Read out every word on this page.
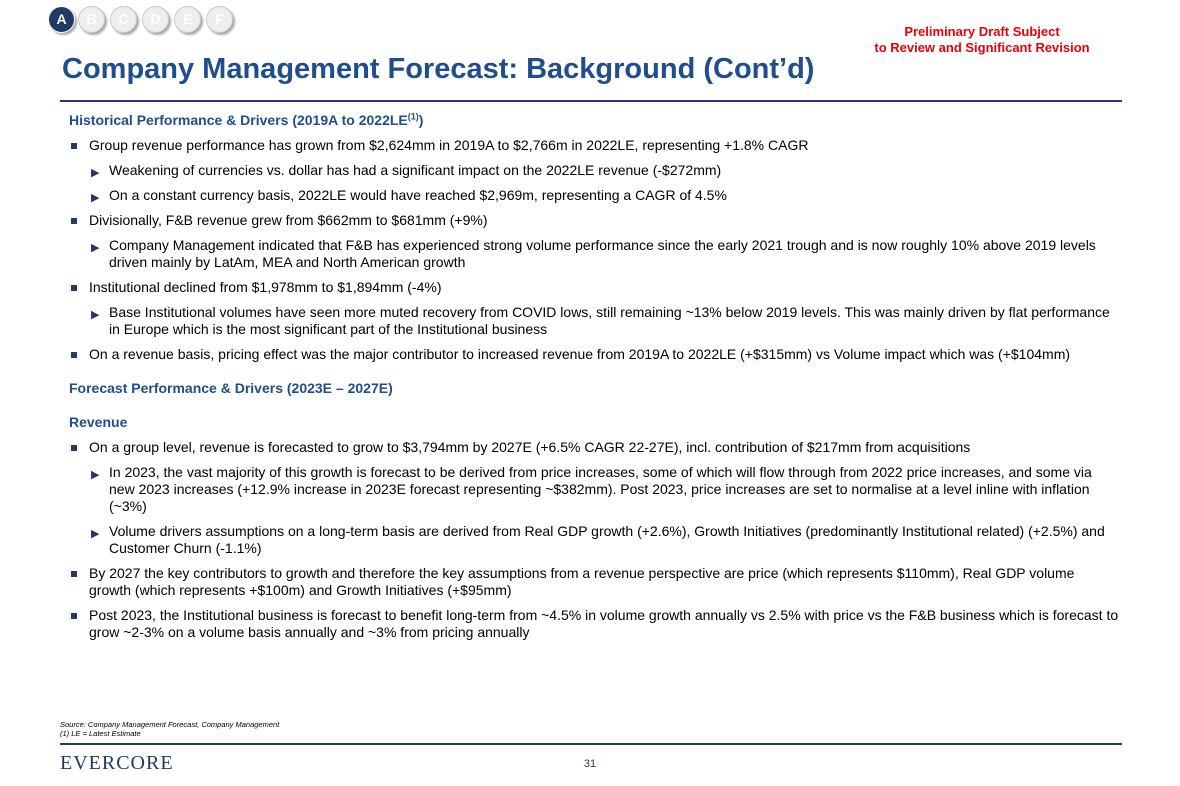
A	B	C	D	E	F
Preliminary Draft Subject
to Review and Significant Revision
Company Management Forecast: Background (Cont’d)
Historical Performance & Drivers (2019A to 2022LE$^{(1)}$)
Group revenue performance has grown from $2,624mm in 2019A to $2,766m in 2022LE, representing +1.8% CAGR
▶ Weakening of currencies vs. dollar has had a significant impact on the 2022LE revenue (-$272mm)
▶ On a constant currency basis, 2022LE would have reached $2,969m, representing a CAGR of 4.5%
Divisionally, F&B revenue grew from $662mm to $681mm (+9%)
▶ Company Management indicated that F&B has experienced strong volume performance since the early 2021 trough and is now roughly 10% above 2019 levels driven mainly by LatAm, MEA and North American growth
Institutional declined from $1,978mm to $1,894mm (-4%)
▶ Base Institutional volumes have seen more muted recovery from COVID lows, still remaining ~13% below 2019 levels. This was mainly driven by flat performance in Europe which is the most significant part of the Institutional business
On a revenue basis, pricing effect was the major contributor to increased revenue from 2019A to 2022LE (+$315mm) vs Volume impact which was (+$104mm)
Forecast Performance & Drivers (2023E – 2027E)
Revenue
On a group level, revenue is forecasted to grow to $3,794mm by 2027E (+6.5% CAGR 22-27E), incl. contribution of $217mm from acquisitions
▶ In 2023, the vast majority of this growth is forecast to be derived from price increases, some of which will flow through from 2022 price increases, and some via new 2023 increases (+12.9% increase in 2023E forecast representing ~$382mm). Post 2023, price increases are set to normalise at a level inline with inflation (~3%)
▶ Volume drivers assumptions on a long-term basis are derived from Real GDP growth (+2.6%), Growth Initiatives (predominantly Institutional related) (+2.5%) and Customer Churn (-1.1%)
By 2027 the key contributors to growth and therefore the key assumptions from a revenue perspective are price (which represents $110mm), Real GDP volume growth (which represents +$100m) and Growth Initiatives (+$95mm)
Post 2023, the Institutional business is forecast to benefit long-term from ~4.5% in volume growth annually vs 2.5% with price vs the F&B business which is forecast to grow ~2-3% on a volume basis annually and ~3% from pricing annually
Source: Company Management Forecast, Company Management
(1) LE = Latest Estimate
EVERCORE	31
